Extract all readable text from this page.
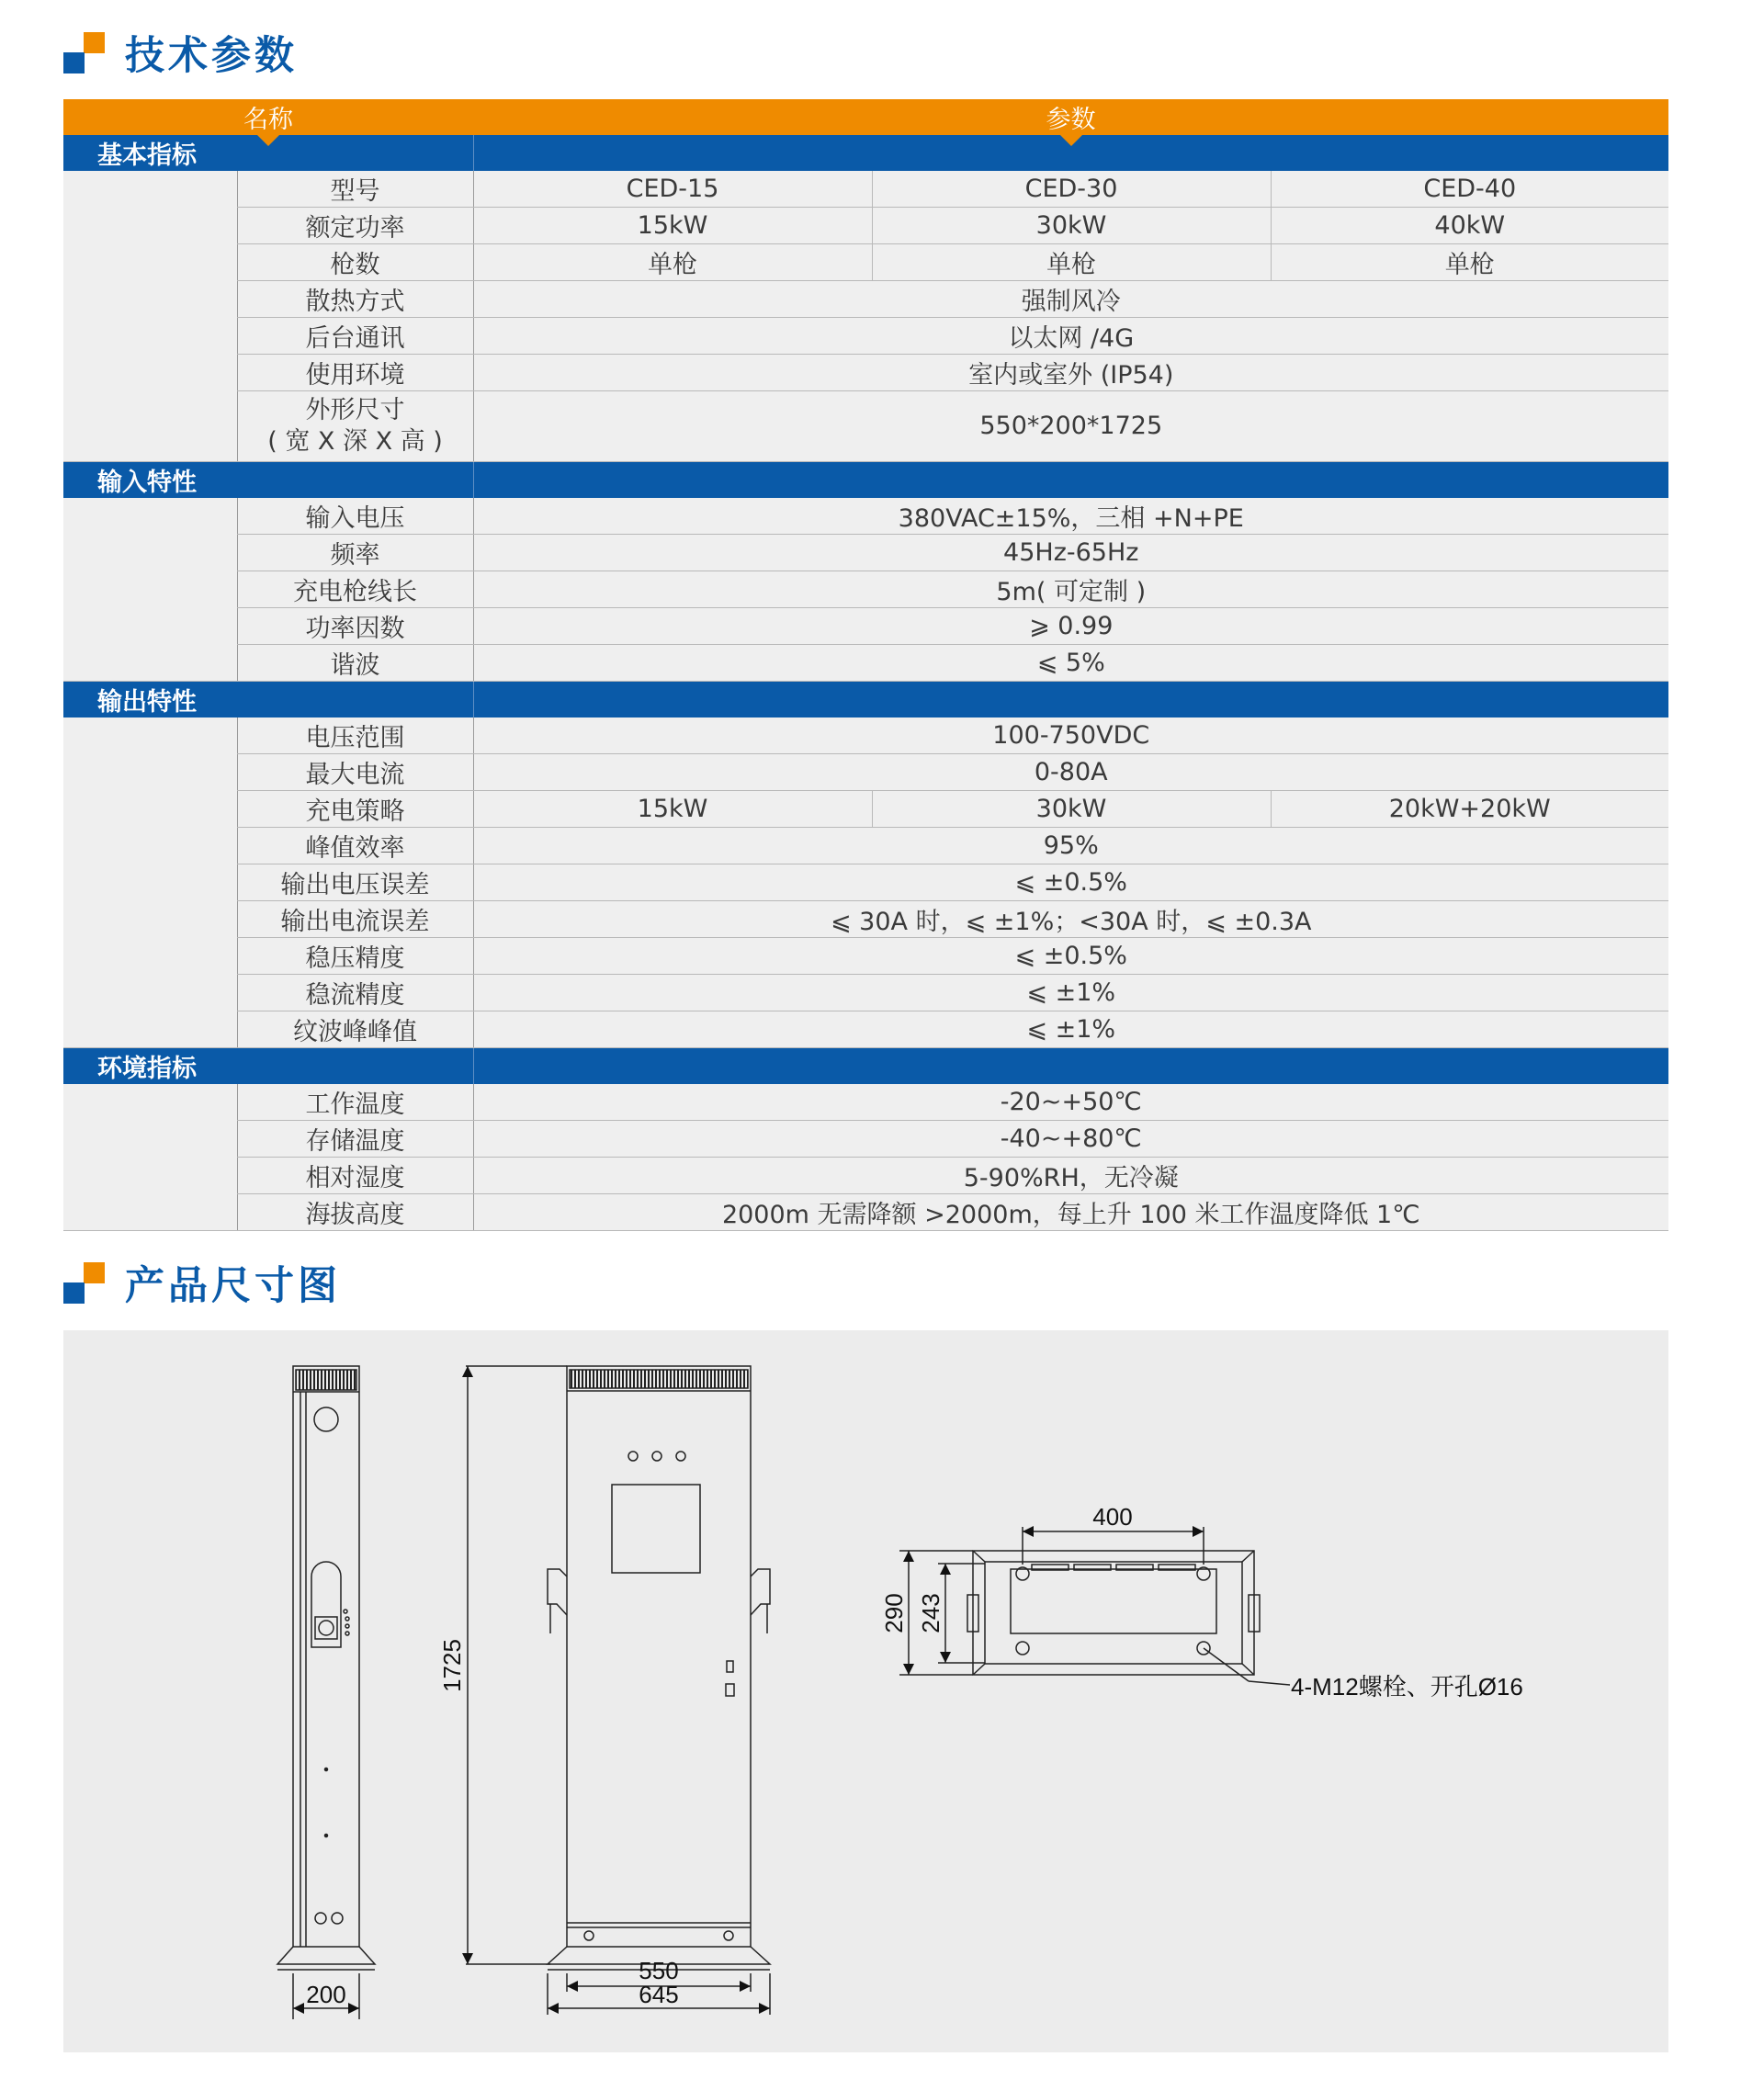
技术参数
名称		参数		

基本指标				

	型号	CED-15	CED-30	CED-40

	额定功率	15kW	30kW	40kW

	枪数	单枪	单枪	单枪

	散热方式	强制风冷		

	后台通讯	以太网 /4G		

	使用环境	室内或室外 (IP54)		

	外形尺寸
( 宽 X 深 X 高 )	550*200*1725		
输入特性				

	输入电压	380VAC±15%，三相 +N+PE		

	频率	45Hz-65Hz		

	充电枪线长	5m( 可定制 )		

	功率因数	⩾ 0.99		

	谐波	⩽ 5%		
输出特性				

	电压范围	100-750VDC		

	最大电流	0-80A		

	充电策略	15kW	30kW	20kW+20kW

	峰值效率	95%		

	输出电压误差	⩽ ±0.5%		

	输出电流误差	⩽ 30A 时，⩽ ±1%；<30A 时，⩽ ±0.3A		

	稳压精度	⩽ ±0.5%		

	稳流精度	⩽ ±1%		

	纹波峰峰值	⩽ ±1%		
环境指标				

	工作温度	-20~+50℃		

	存储温度	-40~+80℃		

	相对湿度	5-90%RH，无冷凝		

	海拔高度	2000m 无需降额 >2000m，每上升 100 米工作温度降低 1℃		
产品尺寸图
200
1725
550
645
400
290 243
4-M12螺栓、开孔Ø16
